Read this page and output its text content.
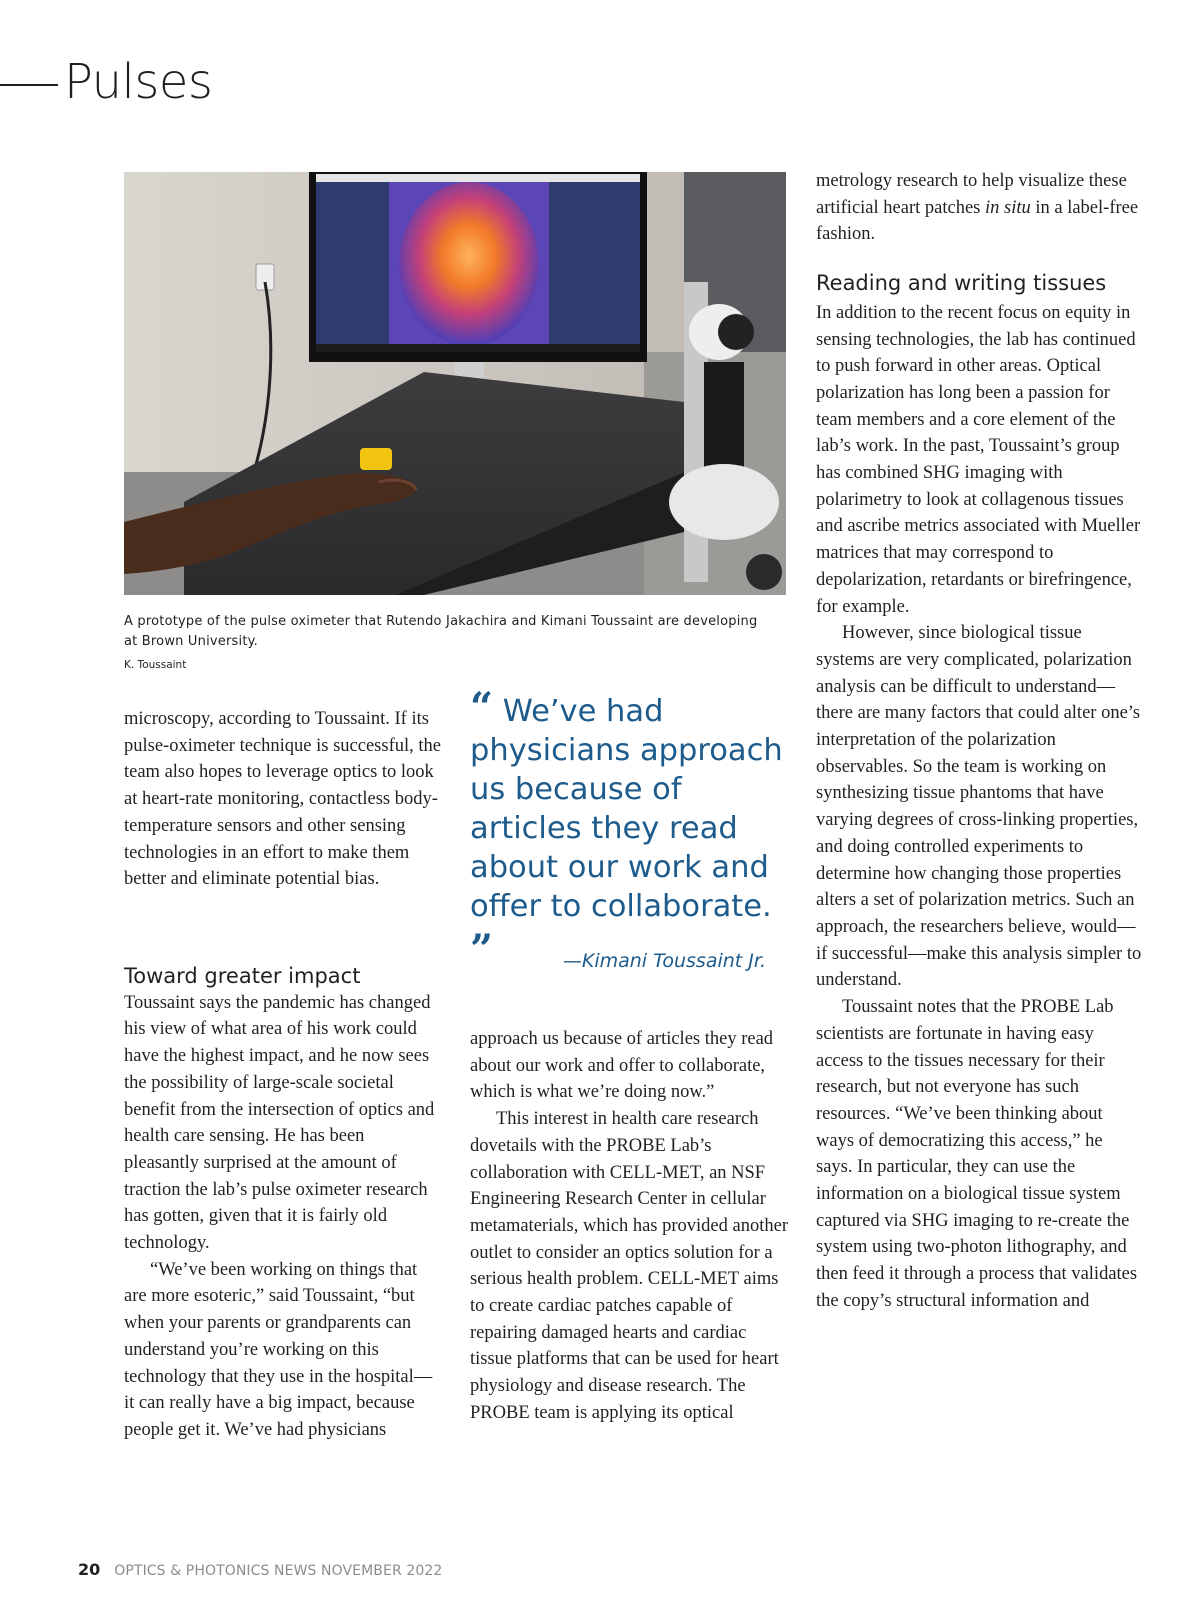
Pulses
A prototype of the pulse oximeter that Rutendo Jakachira and Kimani Toussaint are developing at Brown University.
K. Toussaint

microscopy, according to Toussaint. If its pulse-oximeter technique is successful, the team also hopes to leverage optics to look at heart-rate monitoring, contactless body-temperature sensors and other sensing technologies in an effort to make them better and eliminate potential bias.

Toward greater impact

Toussaint says the pandemic has changed his view of what area of his work could have the highest impact, and he now sees the possibility of large-scale societal benefit from the intersection of optics and health care sensing. He has been pleasantly surprised at the amount of traction the lab’s pulse oximeter research has gotten, given that it is fairly old technology.

“We’ve been working on things that are more esoteric,” said Toussaint, “but when your parents or grandparents can understand you’re working on this technology that they use in the hospital—it can really have a big impact, because people get it. We’ve had physicians

“ We’ve had physicians approach us because of articles they read about our work and offer to collaborate. ”	—Kimani Toussaint Jr.

approach us because of articles they read about our work and offer to collaborate, which is what we’re doing now.”

This interest in health care research dovetails with the PROBE Lab’s collaboration with CELL-MET, an NSF Engineering Research Center in cellular metamaterials, which has provided another outlet to consider an optics solution for a serious health problem. CELL-MET aims to create cardiac patches capable of repairing damaged hearts and cardiac tissue platforms that can be used for heart physiology and disease research. The PROBE team is applying its optical

metrology research to help visualize these artificial heart patches in situ in a label-free fashion.

Reading and writing tissues

In addition to the recent focus on equity in sensing technologies, the lab has continued to push forward in other areas. Optical polarization has long been a passion for team members and a core element of the lab’s work. In the past, Toussaint’s group has combined SHG imaging with polarimetry to look at collagenous tissues and ascribe metrics associated with Mueller matrices that may correspond to depolarization, retardants or birefringence, for example.

However, since biological tissue systems are very complicated, polarization analysis can be difficult to understand—there are many factors that could alter one’s interpretation of the polarization observables. So the team is working on synthesizing tissue phantoms that have varying degrees of cross-linking properties, and doing controlled experiments to determine how changing those properties alters a set of polarization metrics. Such an approach, the researchers believe, would—if successful—make this analysis simpler to understand.

Toussaint notes that the PROBE Lab scientists are fortunate in having easy access to the tissues necessary for their research, but not everyone has such resources. “We’ve been thinking about ways of democratizing this access,” he says. In particular, they can use the information on a biological tissue system captured via SHG imaging to re-create the system using two-photon lithography, and then feed it through a process that validates the copy’s structural information and

20 OPTICS & PHOTONICS NEWS NOVEMBER 2022
